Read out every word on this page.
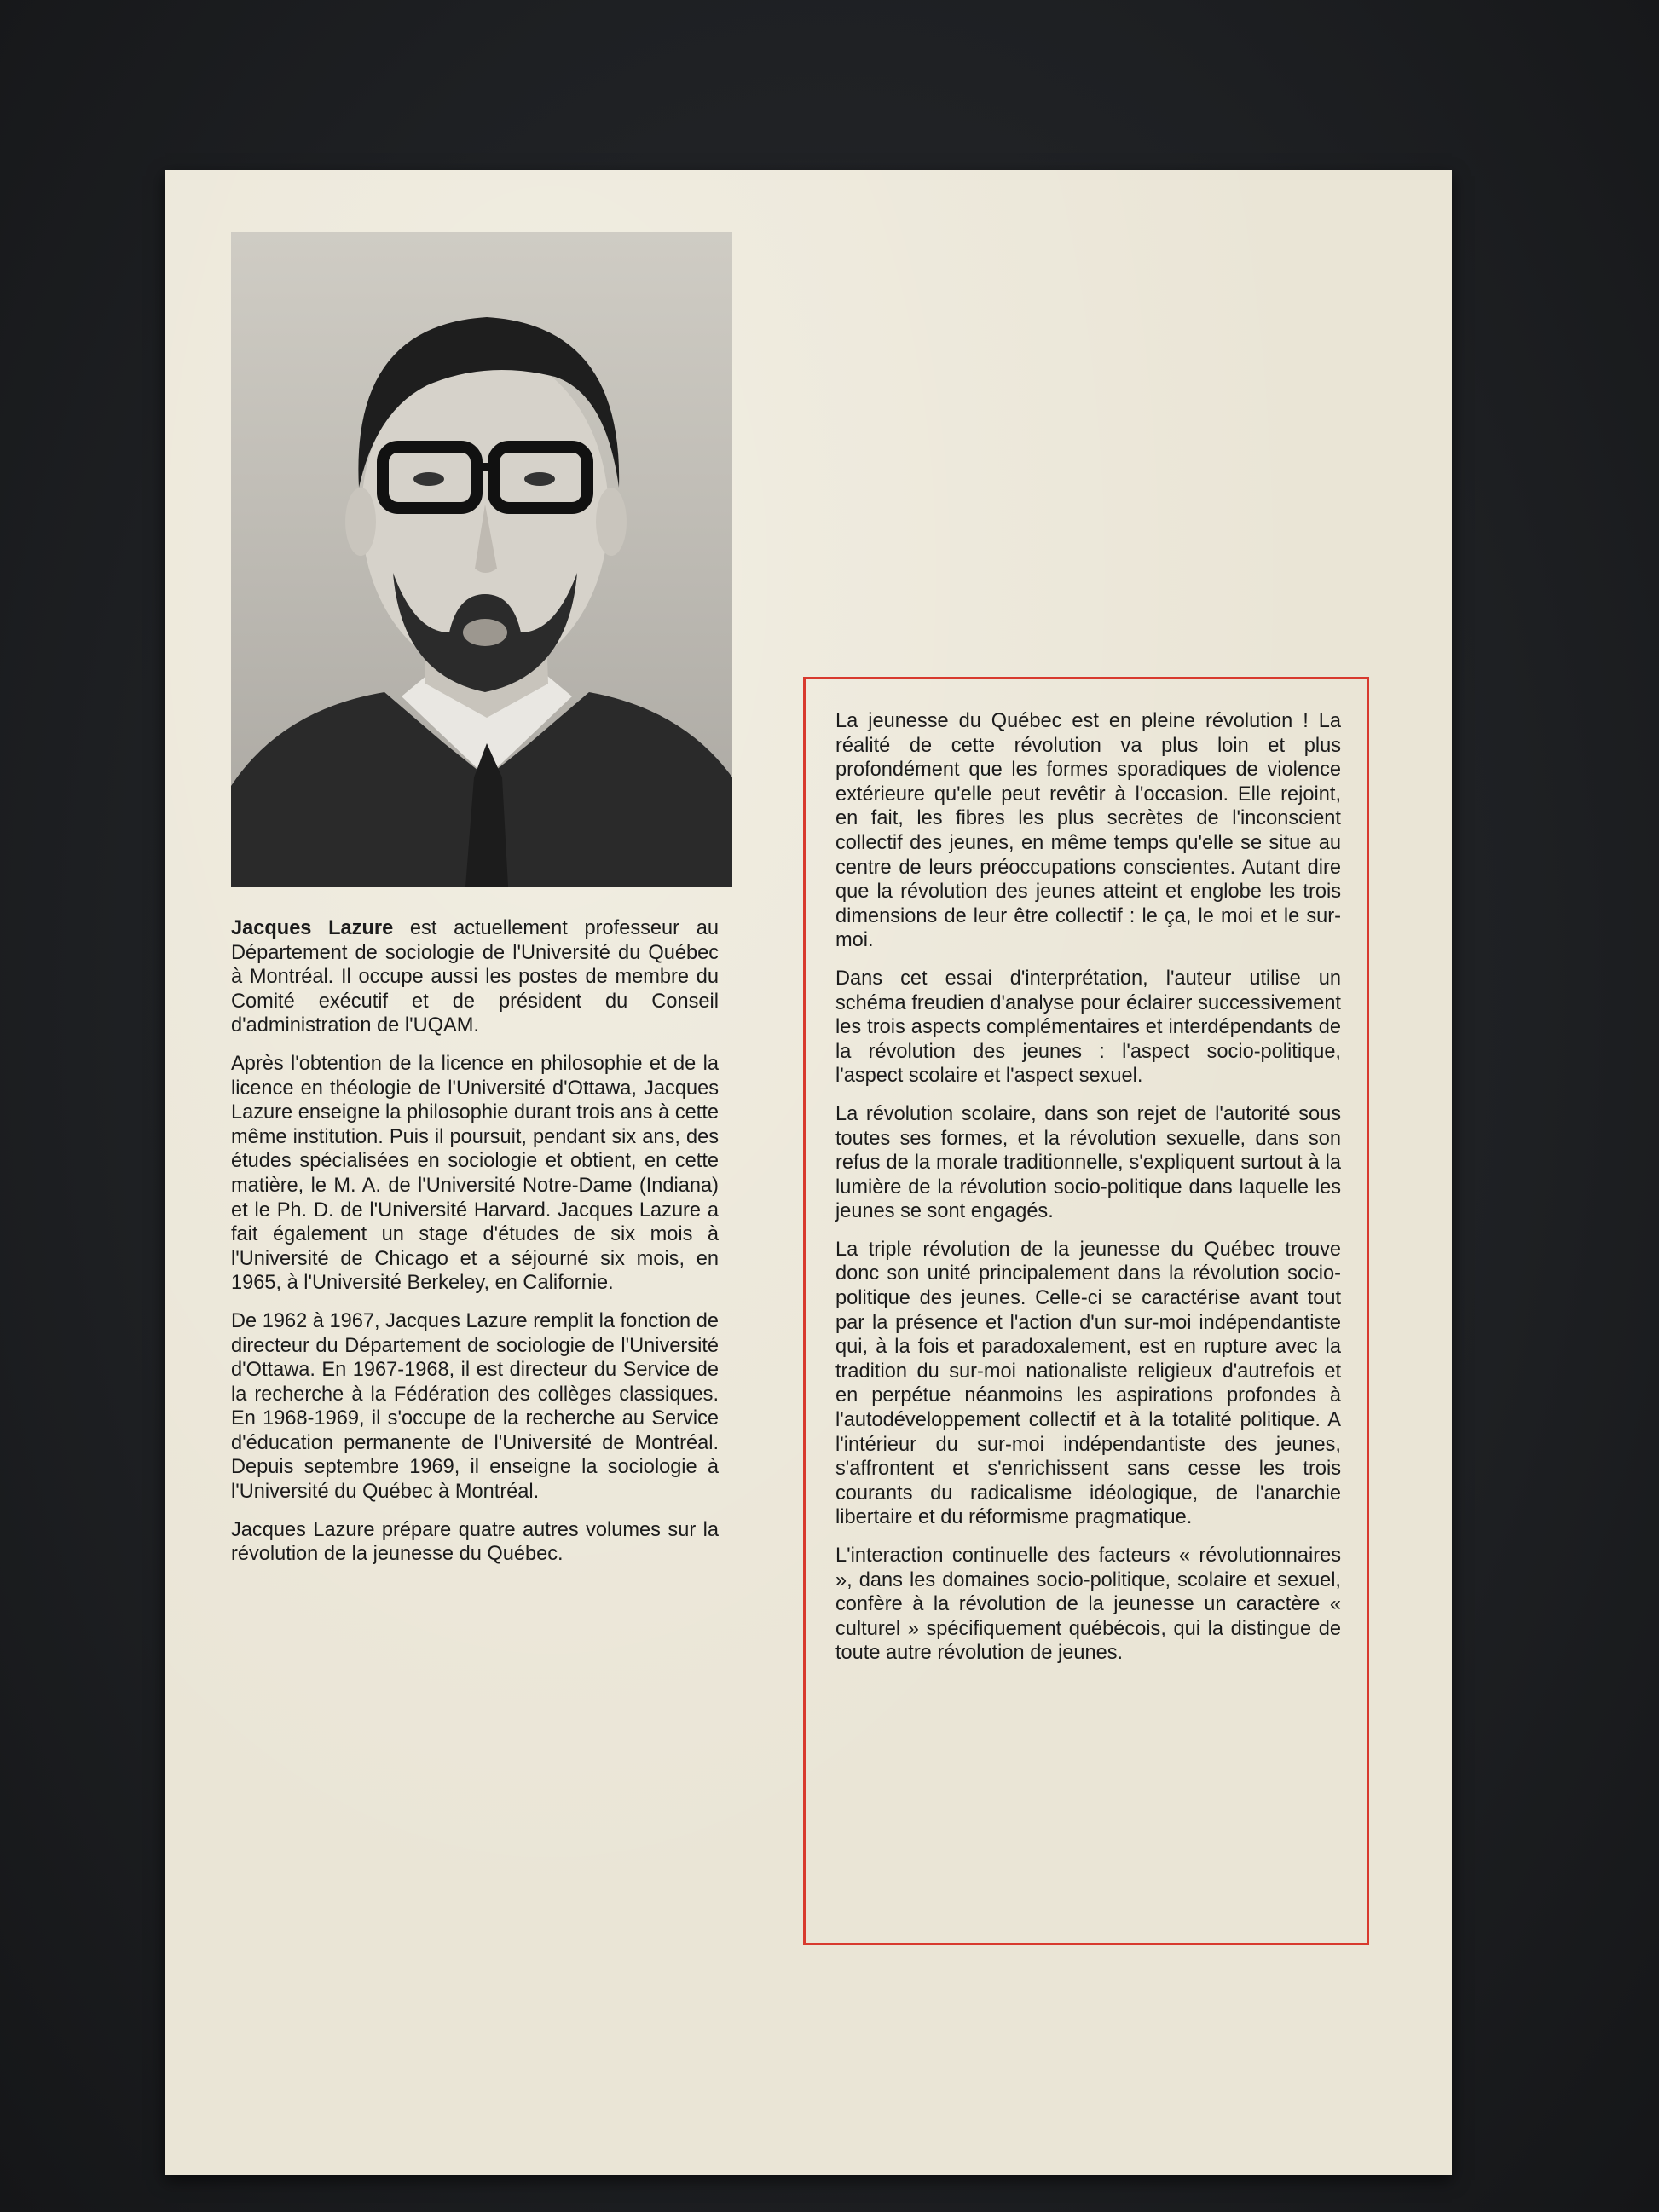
Jacques Lazure est actuellement professeur au Département de sociologie de l'Université du Québec à Montréal. Il occupe aussi les postes de membre du Comité exécutif et de président du Conseil d'administration de l'UQAM.

Après l'obtention de la licence en philosophie et de la licence en théologie de l'Université d'Ottawa, Jacques Lazure enseigne la philosophie durant trois ans à cette même institution. Puis il poursuit, pendant six ans, des études spécialisées en sociologie et obtient, en cette matière, le M. A. de l'Université Notre-Dame (Indiana) et le Ph. D. de l'Université Harvard. Jacques Lazure a fait également un stage d'études de six mois à l'Université de Chicago et a séjourné six mois, en 1965, à l'Université Berkeley, en Californie.

De 1962 à 1967, Jacques Lazure remplit la fonction de directeur du Département de sociologie de l'Université d'Ottawa. En 1967-1968, il est directeur du Service de la recherche à la Fédération des collèges classiques. En 1968-1969, il s'occupe de la recherche au Service d'éducation permanente de l'Université de Montréal. Depuis septembre 1969, il enseigne la sociologie à l'Université du Québec à Montréal.

Jacques Lazure prépare quatre autres volumes sur la révolution de la jeunesse du Québec.

La jeunesse du Québec est en pleine révolution ! La réalité de cette révolution va plus loin et plus profondément que les formes sporadiques de violence extérieure qu'elle peut revêtir à l'occasion. Elle rejoint, en fait, les fibres les plus secrètes de l'inconscient collectif des jeunes, en même temps qu'elle se situe au centre de leurs préoccupations conscientes. Autant dire que la révolution des jeunes atteint et englobe les trois dimensions de leur être collectif : le ça, le moi et le sur-moi.

Dans cet essai d'interprétation, l'auteur utilise un schéma freudien d'analyse pour éclairer successivement les trois aspects complémentaires et interdépendants de la révolution des jeunes : l'aspect socio-politique, l'aspect scolaire et l'aspect sexuel.

La révolution scolaire, dans son rejet de l'autorité sous toutes ses formes, et la révolution sexuelle, dans son refus de la morale traditionnelle, s'expliquent surtout à la lumière de la révolution socio-politique dans laquelle les jeunes se sont engagés.

La triple révolution de la jeunesse du Québec trouve donc son unité principalement dans la révolution socio-politique des jeunes. Celle-ci se caractérise avant tout par la présence et l'action d'un sur-moi indépendantiste qui, à la fois et paradoxalement, est en rupture avec la tradition du sur-moi nationaliste religieux d'autrefois et en perpétue néanmoins les aspirations profondes à l'autodéveloppement collectif et à la totalité politique. A l'intérieur du sur-moi indépendantiste des jeunes, s'affrontent et s'enrichissent sans cesse les trois courants du radicalisme idéologique, de l'anarchie libertaire et du réformisme pragmatique.

L'interaction continuelle des facteurs « révolutionnaires », dans les domaines socio-politique, scolaire et sexuel, confère à la révolution de la jeunesse un caractère « culturel » spécifiquement québécois, qui la distingue de toute autre révolution de jeunes.
